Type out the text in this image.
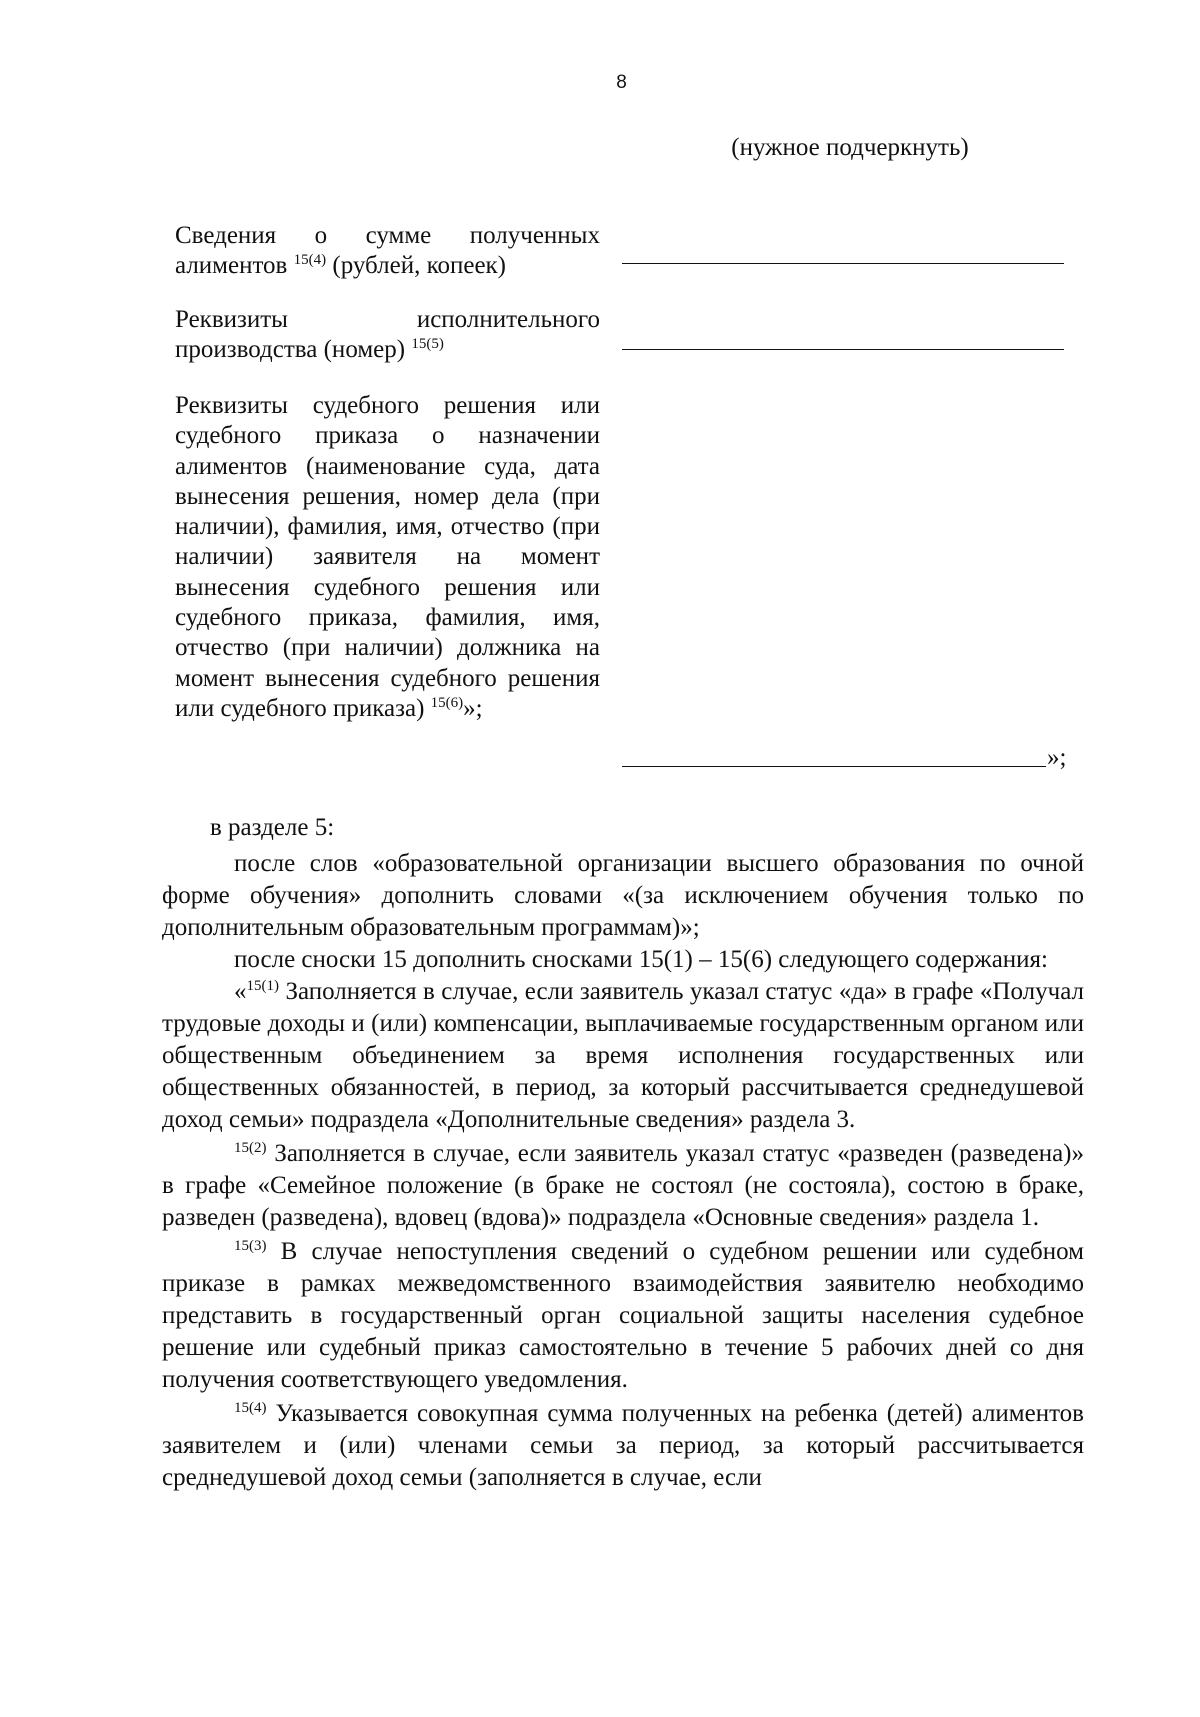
8
(нужное подчеркнуть)
Сведения о сумме полученных
алиментов $^{15(4)}$ (рублей, копеек)
Реквизиты	исполнительного
производства (номер) $^{15(5)}$

Реквизиты судебного решения или судебного приказа о назначении алиментов (наименование суда, дата вынесения решения, номер дела (при наличии), фамилия, имя, отчество (при наличии) заявителя на момент вынесения судебного решения или судебного приказа, фамилия, имя, отчество (при наличии) должника на момент вынесения судебного решения или судебного приказа) $^{15(6)}$»;

»;

в разделе 5:

после слов «образовательной организации высшего образования по очной форме обучения» дополнить словами «(за исключением обучения только по дополнительным образовательным программам)»;

после сноски 15 дополнить сносками 15(1) – 15(6) следующего содержания:

«$^{15(1)}$ Заполняется в случае, если заявитель указал статус «да» в графе «Получал трудовые доходы и (или) компенсации, выплачиваемые государственным органом или общественным объединением за время исполнения государственных или общественных обязанностей, в период, за который рассчитывается среднедушевой доход семьи» подраздела «Дополнительные сведения» раздела 3.

$^{15(2)}$ Заполняется в случае, если заявитель указал статус «разведен (разведена)» в графе «Семейное положение (в браке не состоял (не состояла), состою в браке, разведен (разведена), вдовец (вдова)» подраздела «Основные сведения» раздела 1.

$^{15(3)}$ В случае непоступления сведений о судебном решении или судебном приказе в рамках межведомственного взаимодействия заявителю необходимо представить в государственный орган социальной защиты населения судебное решение или судебный приказ самостоятельно в течение 5 рабочих дней со дня получения соответствующего уведомления.

$^{15(4)}$ Указывается совокупная сумма полученных на ребенка (детей) алиментов заявителем и (или) членами семьи за период, за который рассчитывается среднедушевой доход семьи (заполняется в случае, если
